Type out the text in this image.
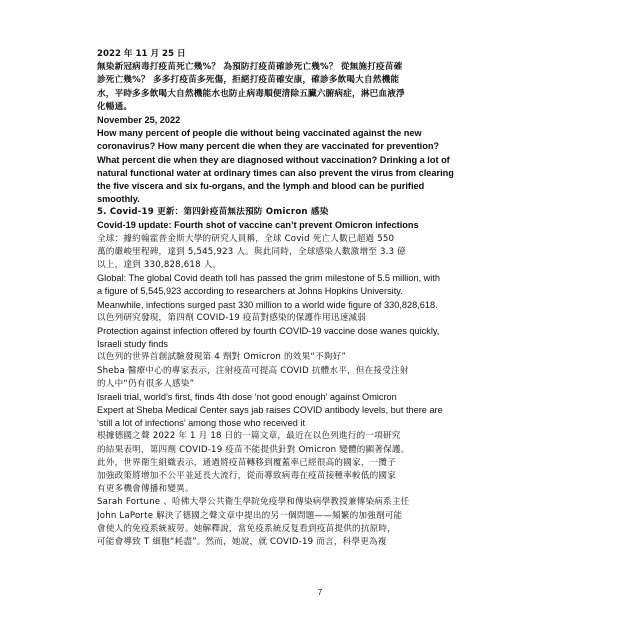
2022 年 11 月 25 日

無染新冠病毒打疫苗死亡幾%？ 為預防打疫苗確診死亡幾%？ 從無施打疫苗確

診死亡幾%？ 多多打疫苗多死傷，拒絕打疫苗確安康，確診多飲喝大自然機能

水，平時多多飲喝大自然機能水也防止病毒順便清除五臟六腑病症，淋巴血液淨

化暢通。

November 25, 2022

How many percent of people die without being vaccinated against the new

coronavirus? How many percent die when they are vaccinated for prevention?

What percent die when they are diagnosed without vaccination? Drinking a lot of

natural functional water at ordinary times can also prevent the virus from clearing

the five viscera and six fu-organs, and the lymph and blood can be purified

smoothly.

5. Covid-19 更新：第四針疫苗無法預防 Omicron 感染

Covid-19 update: Fourth shot of vaccine can’t prevent Omicron infections

全球：據約翰霍普金斯大學的研究人員稱，全球 Covid 死亡人數已超過 550

萬的嚴峻里程碑，達到 5,545,923 人。與此同時，全球感染人數激增至 3.3 億

以上，達到 330,828,618 人。

Global: The global Covid death toll has passed the grim milestone of 5.5 million, with

a figure of 5,545,923 according to researchers at Johns Hopkins University.

Meanwhile, infections surged past 330 million to a world wide figure of 330,828,618.

以色列研究發現，第四劑 COVID-19 疫苗對感染的保護作用迅速減弱

Protection against infection offered by fourth COVID-19 vaccine dose wanes quickly,

Israeli study finds

以色列的世界首創試驗發現第 4 劑對 Omicron 的效果“不夠好”

Sheba 醫療中心的專家表示，注射疫苗可提高 COVID 抗體水平，但在接受注射

的人中“仍有很多人感染”

Israeli trial, world’s first, finds 4th dose ‘not good enough’ against Omicron

Expert at Sheba Medical Center says jab raises COVID antibody levels, but there are

‘still a lot of infections’ among those who received it

根據德國之聲 2022 年 1 月 18 日的一篇文章，最近在以色列進行的一項研究

的結果表明，第四劑 COVID-19 疫苗不能提供針對 Omicron 變體的顯著保護。

此外，世界衛生組織表示，通過將疫苗轉移到覆蓋率已經很高的國家，一攬子

加強政策將增加不公平並延長大流行，從而導致病毒在疫苗接種率較低的國家

有更多機會傳播和變異。

Sarah Fortune 、哈佛大學公共衛生學院免疫學和傳染病學教授兼傳染病系主任

John LaPorte 解決了德國之聲文章中提出的另一個問題——頻繁的加強劑可能

會使人的免疫系統疲勞。她解釋說，當免疫系統反复看到疫苗提供的抗原時，

可能會導致 T 細胞“耗盡”。然而，她說，就 COVID-19 而言，科學更為複

7
